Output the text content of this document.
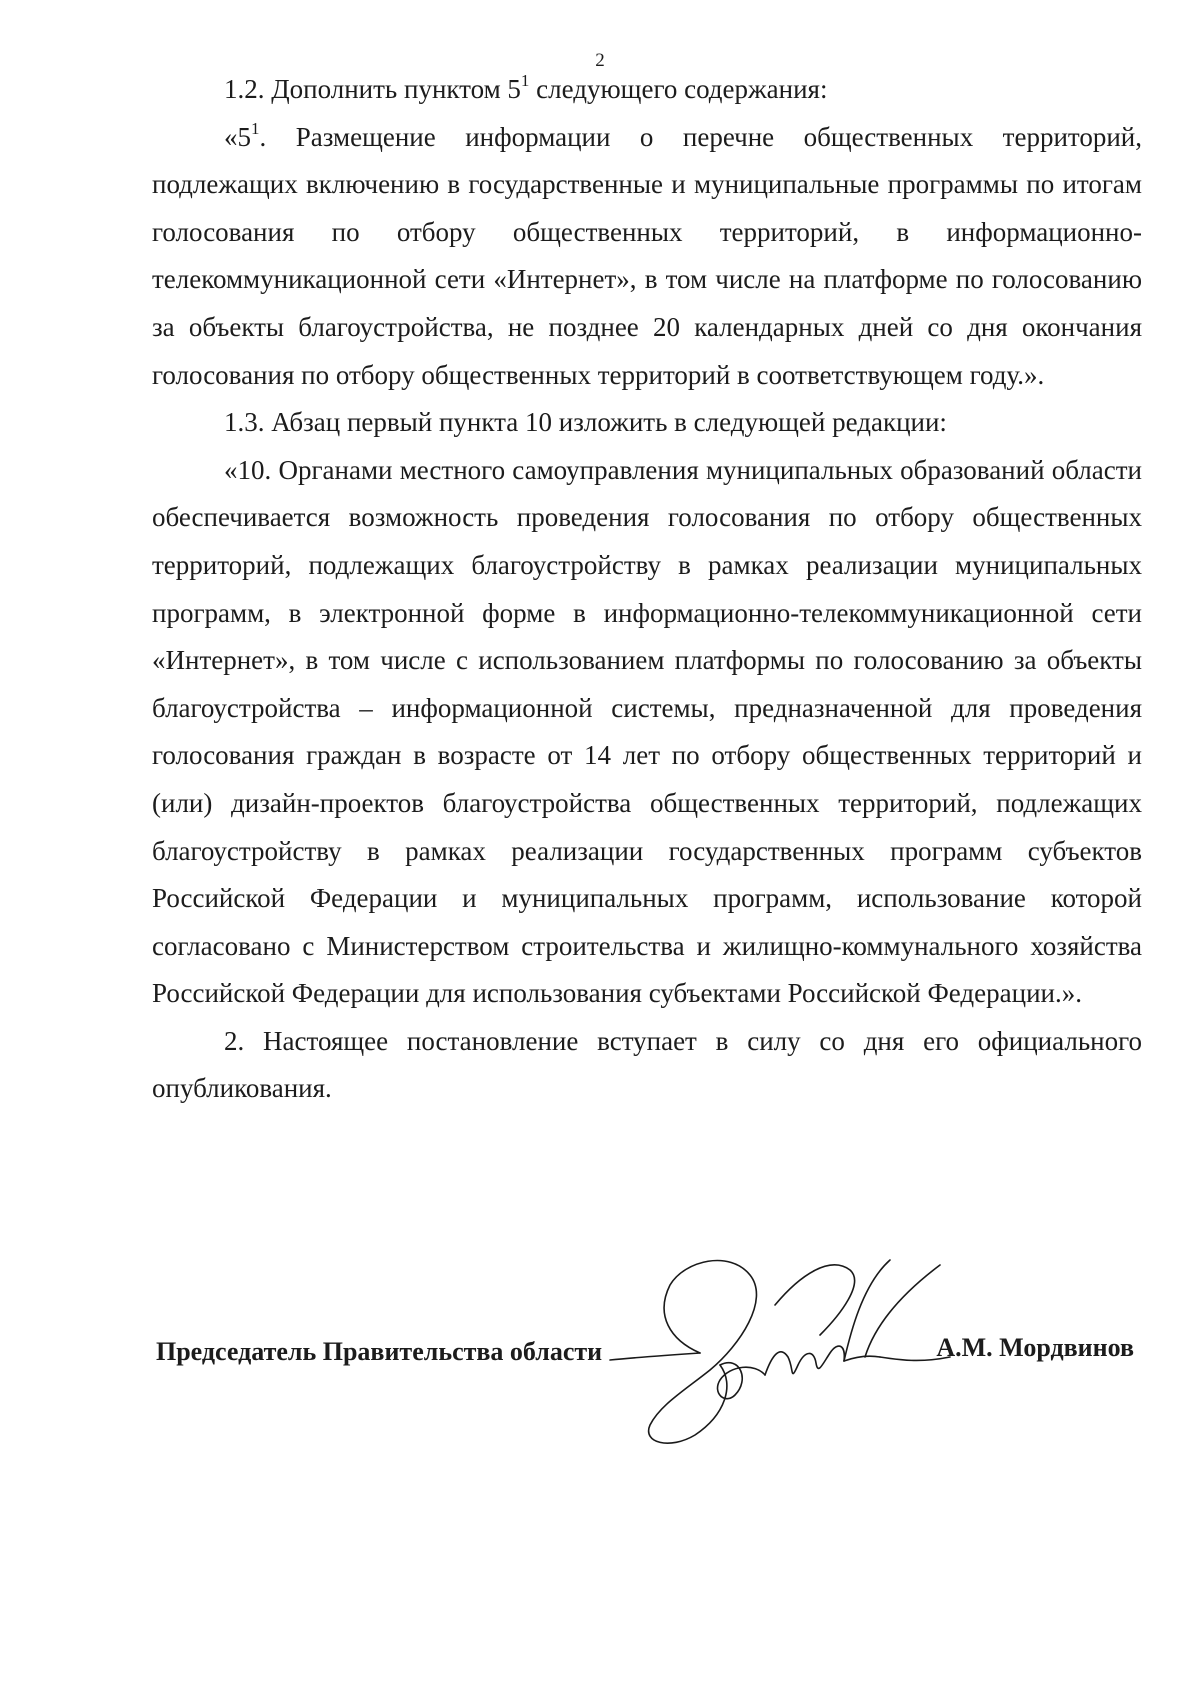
2

1.2. Дополнить пунктом $5^1$ следующего содержания:

«$5^1$. Размещение информации о перечне общественных территорий, подлежащих включению в государственные и муниципальные программы по итогам голосования по отбору общественных территорий, в информационно-телекоммуникационной сети «Интернет», в том числе на платформе по голосованию за объекты благоустройства, не позднее 20 календарных дней со дня окончания голосования по отбору общественных территорий в соответствующем году.».

1.3. Абзац первый пункта 10 изложить в следующей редакции:

«10. Органами местного самоуправления муниципальных образований области обеспечивается возможность проведения голосования по отбору общественных территорий, подлежащих благоустройству в рамках реализации муниципальных программ, в электронной форме в информационно-телекоммуникационной сети «Интернет», в том числе с использованием платформы по голосованию за объекты благоустройства – информационной системы, предназначенной для проведения голосования граждан в возрасте от 14 лет по отбору общественных территорий и (или) дизайн-проектов благоустройства общественных территорий, подлежащих благоустройству в рамках реализации государственных программ субъектов Российской Федерации и муниципальных программ, использование которой согласовано с Министерством строительства и жилищно-коммунального хозяйства Российской Федерации для использования субъектами Российской Федерации.».

2. Настоящее постановление вступает в силу со дня его официального опубликования.

Председатель Правительства области	А.М. Мордвинов
